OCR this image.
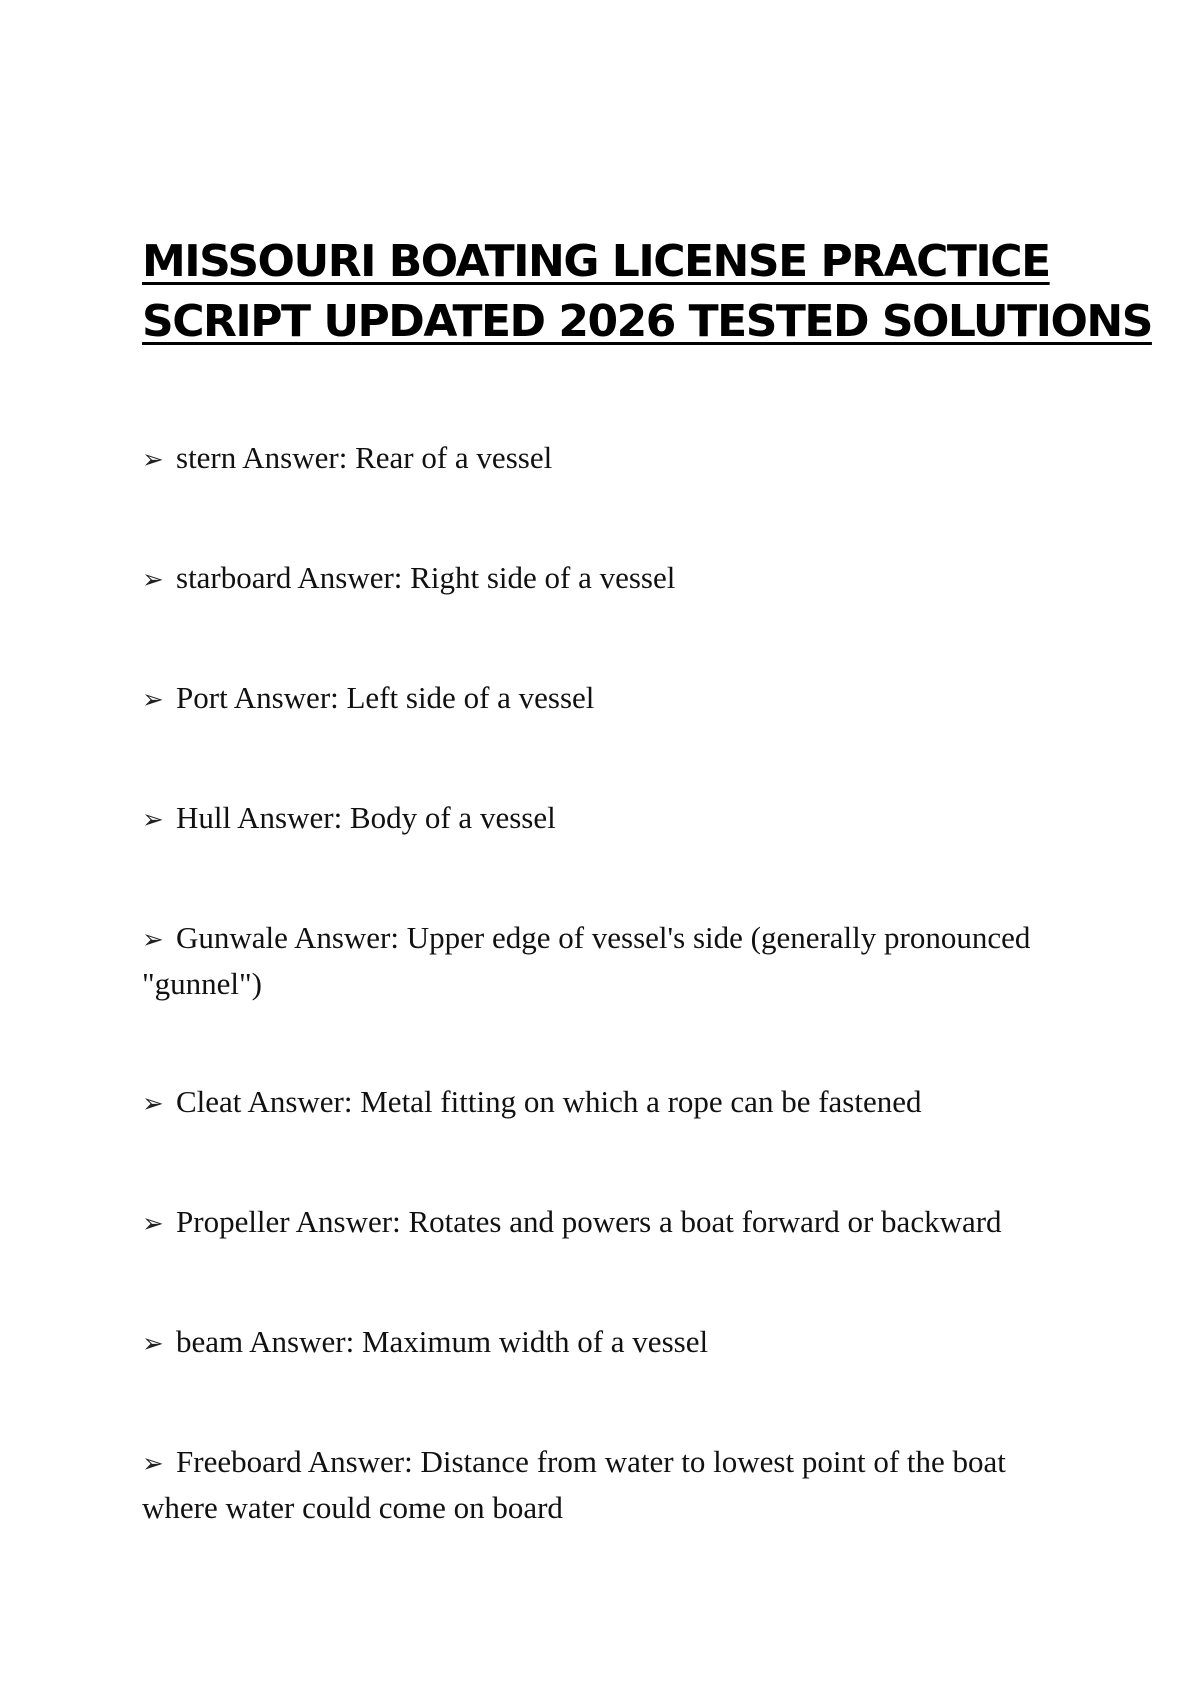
MISSOURI BOATING LICENSE PRACTICE
SCRIPT UPDATED 2026 TESTED SOLUTIONS
➢ stern Answer: Rear of a vessel
➢ starboard Answer: Right side of a vessel
➢ Port Answer: Left side of a vessel
➢ Hull Answer: Body of a vessel
➢ Gunwale Answer: Upper edge of vessel's side (generally pronounced "gunnel")
➢ Cleat Answer: Metal fitting on which a rope can be fastened
➢ Propeller Answer: Rotates and powers a boat forward or backward
➢ beam Answer: Maximum width of a vessel
➢ Freeboard Answer: Distance from water to lowest point of the boat where water could come on board
